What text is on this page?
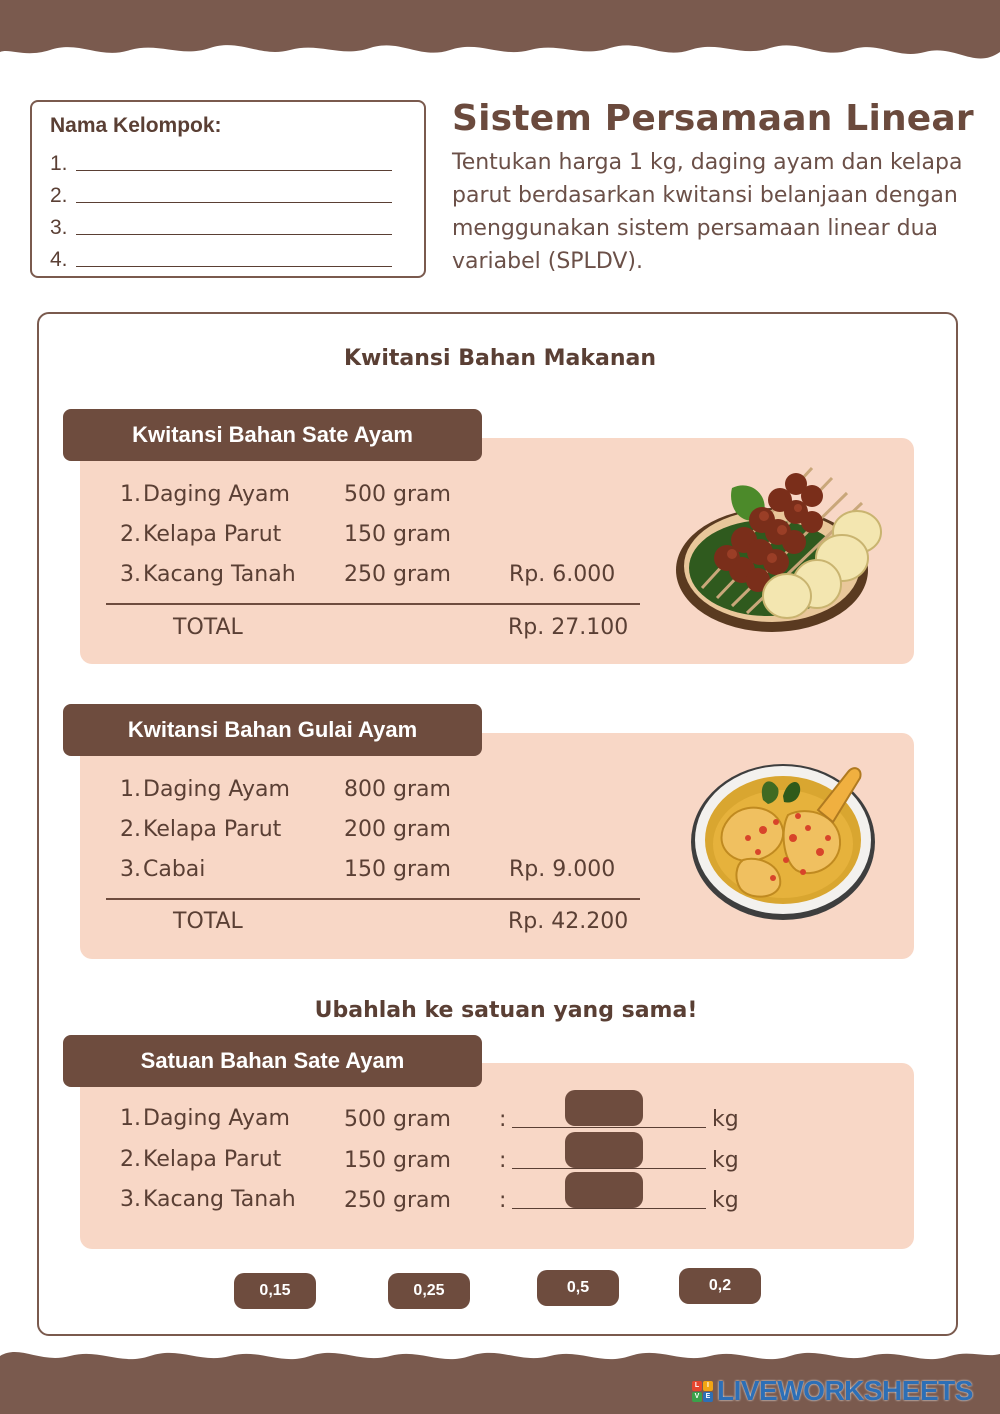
Nama Kelompok:
1.
2.
3.
4.
Sistem Persamaan Linear
Tentukan harga 1 kg, daging ayam dan kelapa parut berdasarkan kwitansi belanjaan dengan menggunakan sistem persamaan linear dua variabel (SPLDV).
Kwitansi Bahan Makanan
Kwitansi Bahan Sate Ayam
1. Daging Ayam 500 gram
2. Kelapa Parut	150 gram
3. Kacang Tanah 250 gram	Rp. 6.000
TOTAL	Rp. 27.100
Kwitansi Bahan Gulai Ayam
1. Daging Ayam 800 gram
2. Kelapa Parut	200 gram
3. Cabai	150 gram	Rp. 9.000
TOTAL	Rp. 42.200
Ubahlah ke satuan yang sama!
Satuan Bahan Sate Ayam
1. Daging Ayam 500 gram :	kg
2. Kelapa Parut	150 gram :	kg
3. Kacang Tanah 250 gram :	kg
0,15	0,25	0,5	0,2
L	I
V E LIVEWORKSHEETS
